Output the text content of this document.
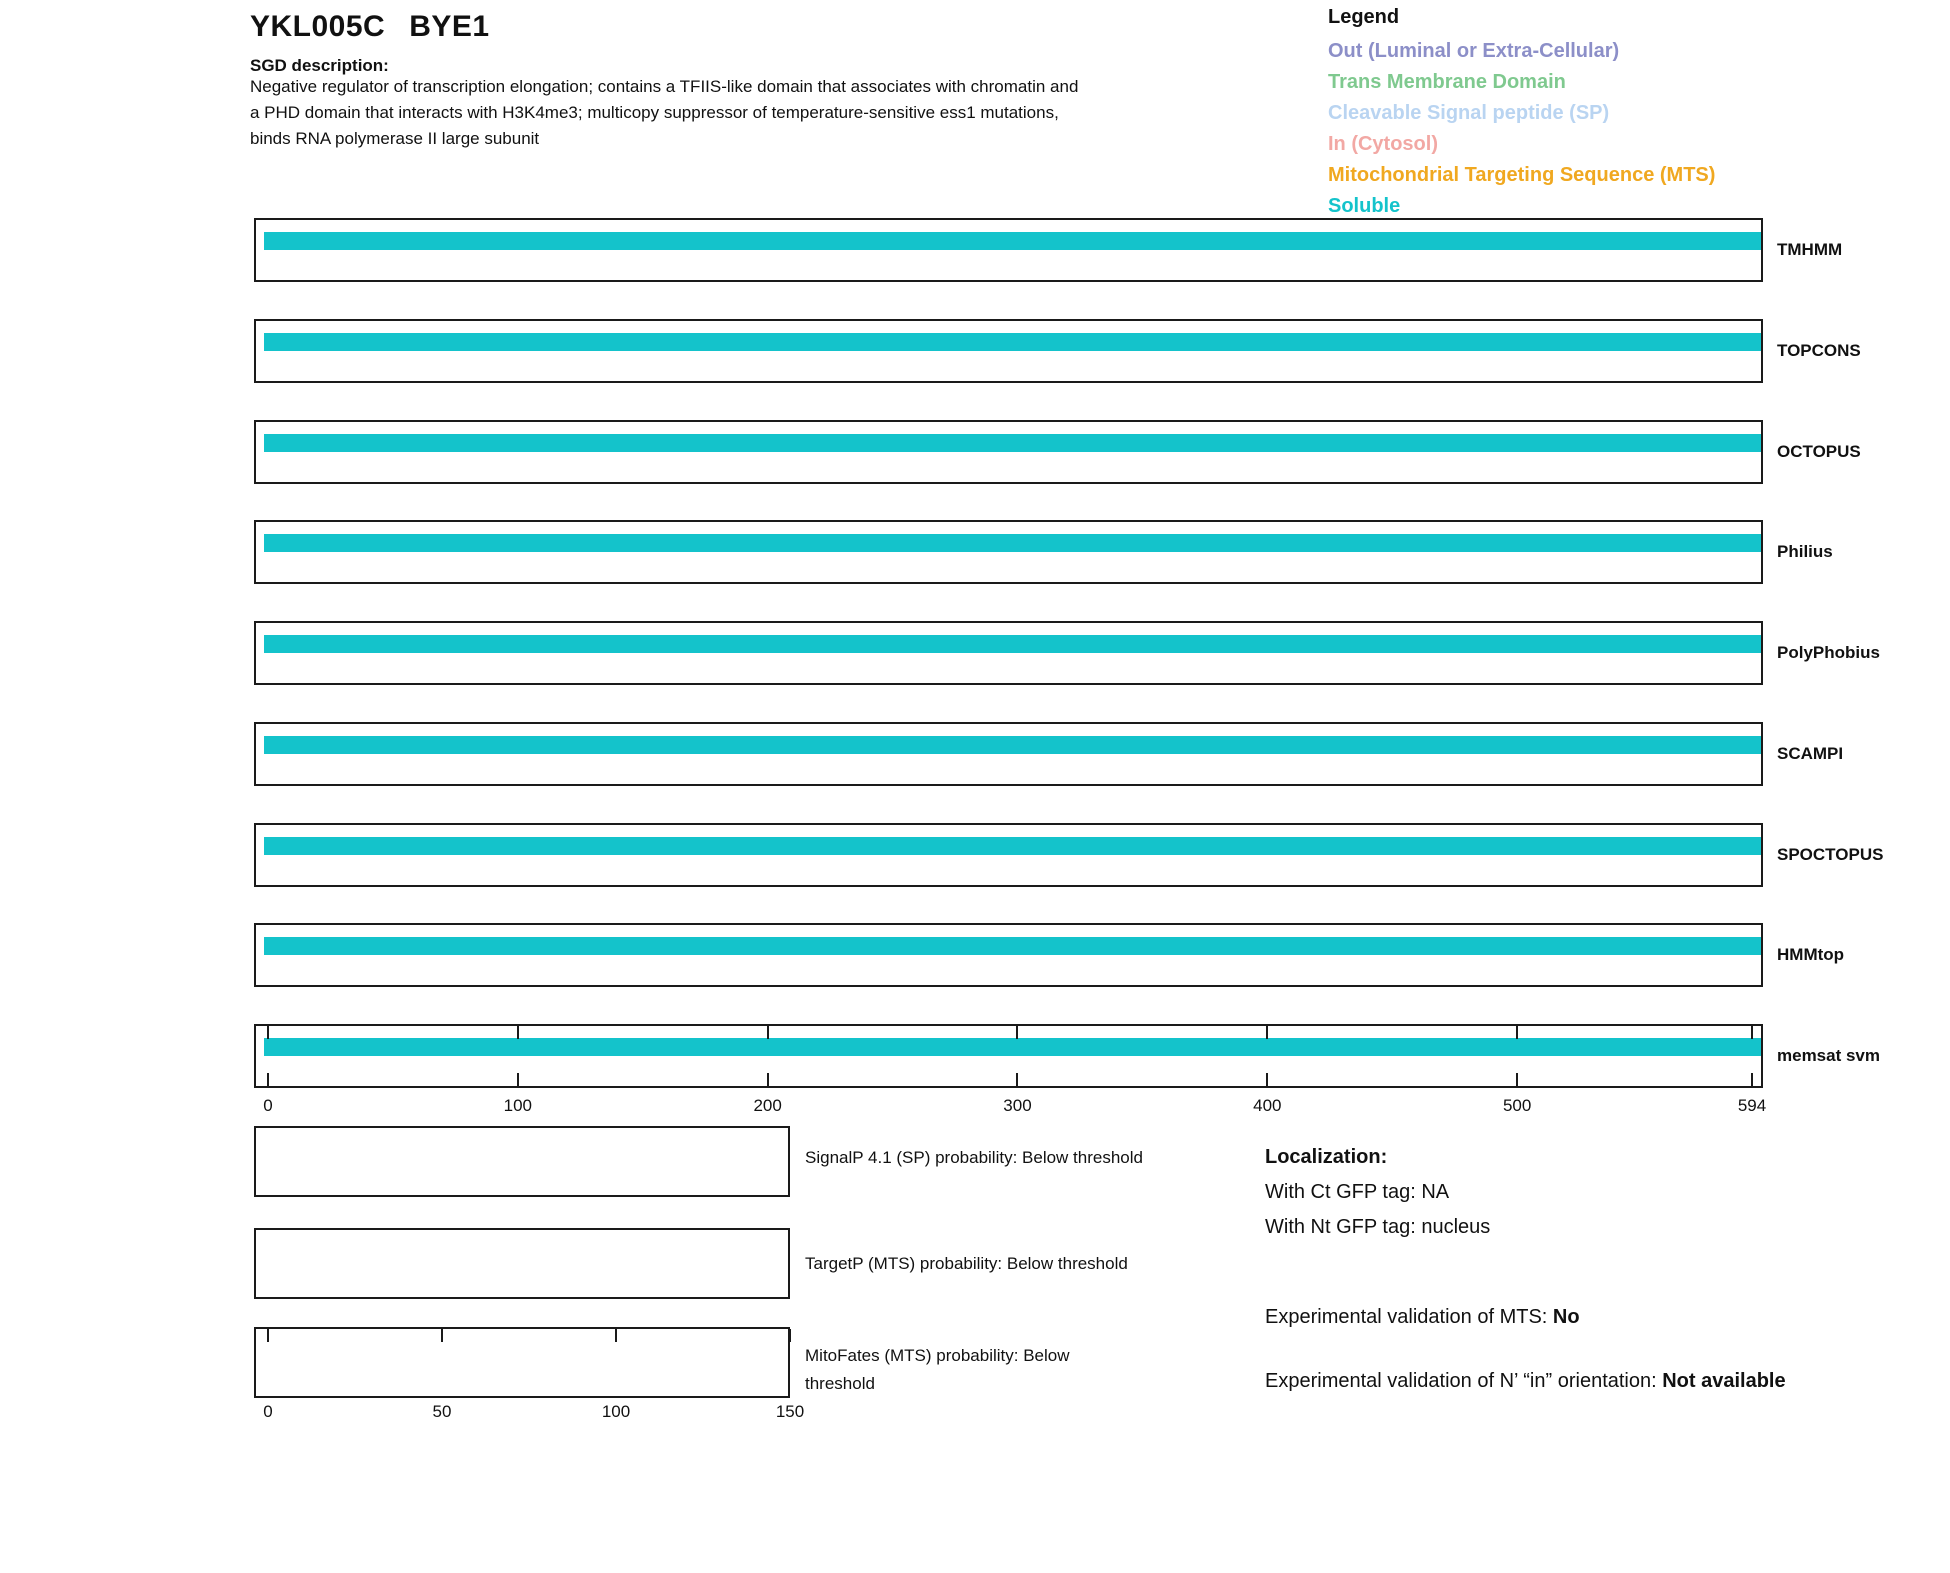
YKL005C BYE1
SGD description:
Negative regulator of transcription elongation; contains a TFIIS-like domain that associates with chromatin and
a PHD domain that interacts with H3K4me3; multicopy suppressor of temperature-sensitive ess1 mutations,
binds RNA polymerase II large subunit
Legend
Out (Luminal or Extra-Cellular)
Trans Membrane Domain
Cleavable Signal peptide (SP)
In (Cytosol)
Mitochondrial Targeting Sequence (MTS)
Soluble
TMHMM
TOPCONS
OCTOPUS
Philius
PolyPhobius
SCAMPI
SPOCTOPUS
HMMtop
0	100	200	300	400	500	594
memsat svm
SignalP 4.1 (SP) probability: Below threshold
TargetP (MTS) probability: Below threshold
0	50	100	150
MitoFates (MTS) probability: Below threshold
Localization:
With Ct GFP tag: NA
With Nt GFP tag: nucleus
Experimental validation of MTS: No
Experimental validation of N’ “in” orientation: Not available
